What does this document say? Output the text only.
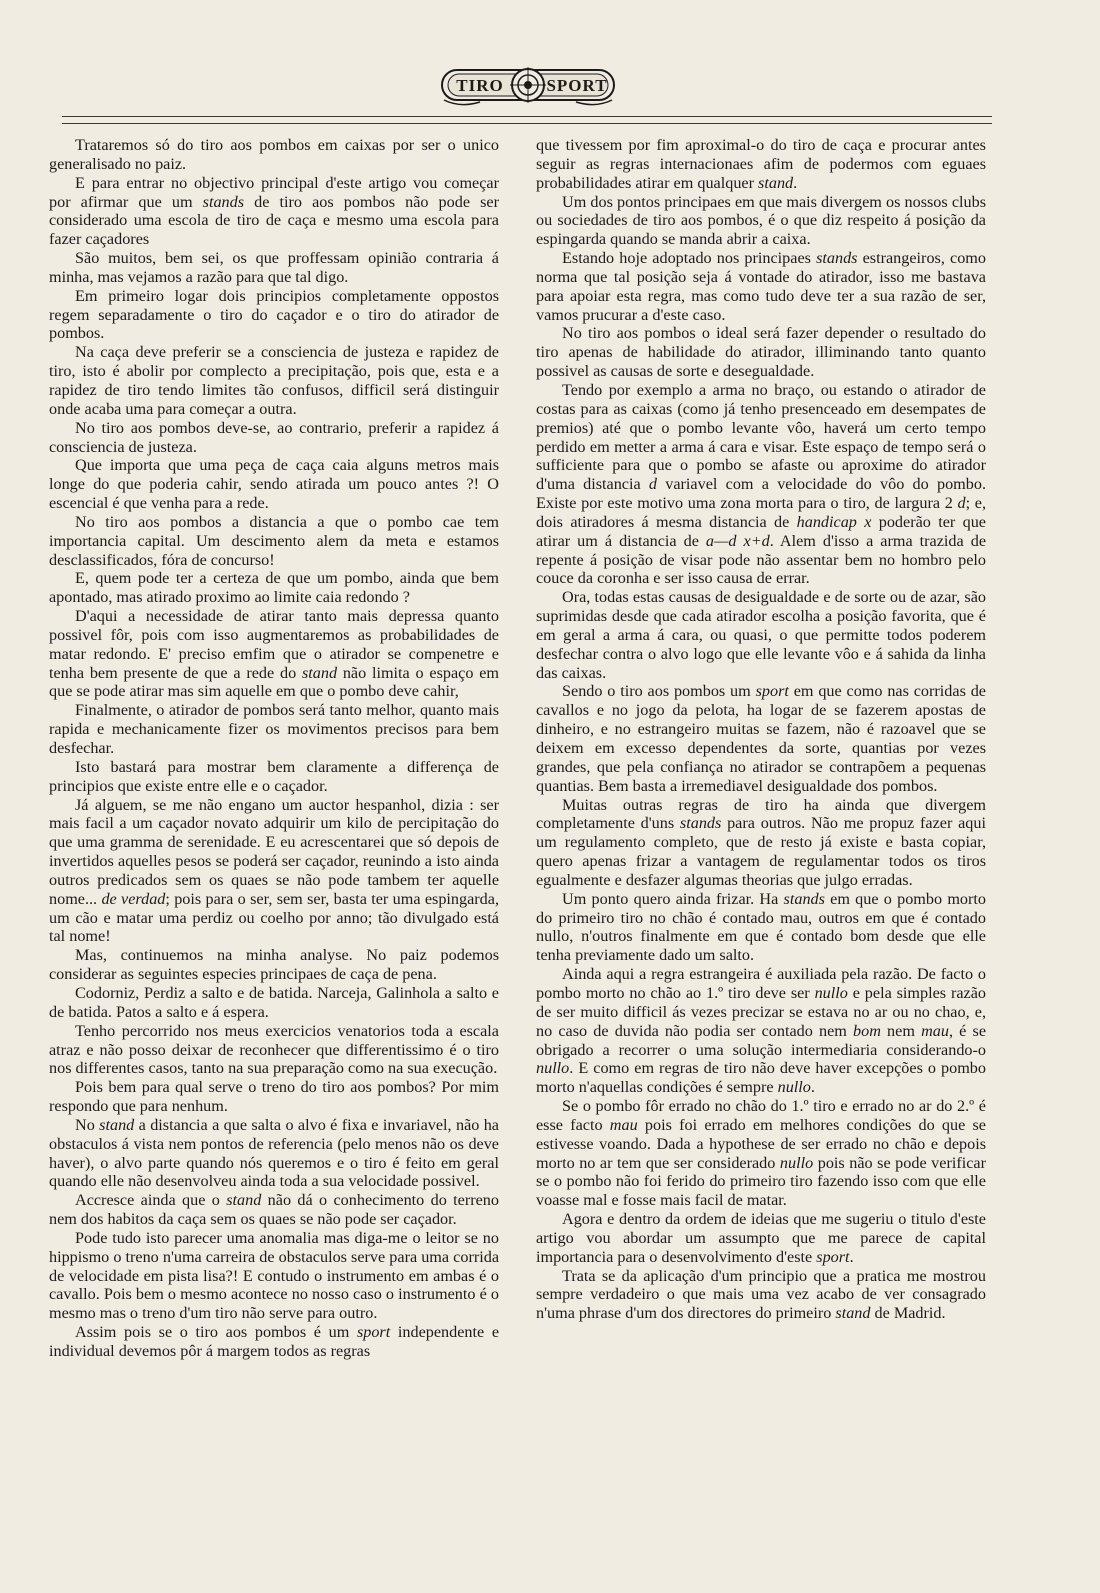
TIRO	SPORT

Trataremos só do tiro aos pombos em caixas por ser o unico generalisado no paiz.

E para entrar no objectivo principal d'este artigo vou começar por afirmar que um stands de tiro aos pombos não pode ser considerado uma escola de tiro de caça e mesmo uma escola para fazer caçadores

São muitos, bem sei, os que proffessam opinião contraria á minha, mas vejamos a razão para que tal digo.

Em primeiro logar dois principios completamente oppostos regem separadamente o tiro do caçador e o tiro do atirador de pombos.

Na caça deve preferir se a consciencia de justeza e rapidez de tiro, isto é abolir por complecto a precipitação, pois que, esta e a rapidez de tiro tendo limites tão confusos, difficil será distinguir onde acaba uma para começar a outra.

No tiro aos pombos deve-se, ao contrario, preferir a rapidez á consciencia de justeza.

Que importa que uma peça de caça caia alguns metros mais longe do que poderia cahir, sendo atirada um pouco antes ?! O escencial é que venha para a rede.

No tiro aos pombos a distancia a que o pombo cae tem importancia capital. Um descimento alem da meta e estamos desclassificados, fóra de concurso!

E, quem pode ter a certeza de que um pombo, ainda que bem apontado, mas atirado proximo ao limite caia redondo ?

D'aqui a necessidade de atirar tanto mais depressa quanto possivel fôr, pois com isso augmentaremos as probabilidades de matar redondo. E' preciso emfim que o atirador se compenetre e tenha bem presente de que a rede do stand não limita o espaço em que se pode atirar mas sim aquelle em que o pombo deve cahir,

Finalmente, o atirador de pombos será tanto melhor, quanto mais rapida e mechanicamente fizer os movimentos precisos para bem desfechar.

Isto bastará para mostrar bem claramente a differença de principios que existe entre elle e o caçador.

Já alguem, se me não engano um auctor hespanhol, dizia : ser mais facil a um caçador novato adquirir um kilo de percipitação do que uma gramma de serenidade. E eu acrescentarei que só depois de invertidos aquelles pesos se poderá ser caçador, reunindo a isto ainda outros predicados sem os quaes se não pode tambem ter aquelle nome... de verdad; pois para o ser, sem ser, basta ter uma espingarda, um cão e matar uma perdiz ou coelho por anno; tão divulgado está tal nome!

Mas, continuemos na minha analyse. No paiz podemos considerar as seguintes especies principaes de caça de pena.

Codorniz, Perdiz a salto e de batida. Narceja, Galinhola a salto e de batida. Patos a salto e á espera.

Tenho percorrido nos meus exercicios venatorios toda a escala atraz e não posso deixar de reconhecer que differentissimo é o tiro nos differentes casos, tanto na sua preparação como na sua execução.

Pois bem para qual serve o treno do tiro aos pombos? Por mim respondo que para nenhum.

No stand a distancia a que salta o alvo é fixa e invariavel, não ha obstaculos á vista nem pontos de referencia (pelo menos não os deve haver), o alvo parte quando nós queremos e o tiro é feito em geral quando elle não desenvolveu ainda toda a sua velocidade possivel.

Accresce ainda que o stand não dá o conhecimento do terreno nem dos habitos da caça sem os quaes se não pode ser caçador.

Pode tudo isto parecer uma anomalia mas diga-me o leitor se no hippismo o treno n'uma carreira de obstaculos serve para uma corrida de velocidade em pista lisa?! E contudo o instrumento em ambas é o cavallo. Pois bem o mesmo acontece no nosso caso o instrumento é o mesmo mas o treno d'um tiro não serve para outro.

Assim pois se o tiro aos pombos é um sport independente e individual devemos pôr á margem todos as regras

que tivessem por fim aproximal-o do tiro de caça e procurar antes seguir as regras internacionaes afim de podermos com eguaes probabilidades atirar em qualquer stand.

Um dos pontos principaes em que mais divergem os nossos clubs ou sociedades de tiro aos pombos, é o que diz respeito á posição da espingarda quando se manda abrir a caixa.

Estando hoje adoptado nos principaes stands estrangeiros, como norma que tal posição seja á vontade do atirador, isso me bastava para apoiar esta regra, mas como tudo deve ter a sua razão de ser, vamos prucurar a d'este caso.

No tiro aos pombos o ideal será fazer depender o resultado do tiro apenas de habilidade do atirador, illiminando tanto quanto possivel as causas de sorte e desegualdade.

Tendo por exemplo a arma no braço, ou estando o atirador de costas para as caixas (como já tenho presenceado em desempates de premios) até que o pombo levante vôo, haverá um certo tempo perdido em metter a arma á cara e visar. Este espaço de tempo será o sufficiente para que o pombo se afaste ou aproxime do atirador d'uma distancia d variavel com a velocidade do vôo do pombo. Existe por este motivo uma zona morta para o tiro, de largura 2 d; e, dois atiradores á mesma distancia de handicap x poderão ter que atirar um á distancia de a—d x+d. Alem d'isso a arma trazida de repente á posição de visar pode não assentar bem no hombro pelo couce da coronha e ser isso causa de errar.

Ora, todas estas causas de desigualdade e de sorte ou de azar, são suprimidas desde que cada atirador escolha a posição favorita, que é em geral a arma á cara, ou quasi, o que permitte todos poderem desfechar contra o alvo logo que elle levante vôo e á sahida da linha das caixas.

Sendo o tiro aos pombos um sport em que como nas corridas de cavallos e no jogo da pelota, ha logar de se fazerem apostas de dinheiro, e no estrangeiro muitas se fazem, não é razoavel que se deixem em excesso dependentes da sorte, quantias por vezes grandes, que pela confiança no atirador se contrapõem a pequenas quantias. Bem basta a irremediavel desigualdade dos pombos.

Muitas outras regras de tiro ha ainda que divergem completamente d'uns stands para outros. Não me propuz fazer aqui um regulamento completo, que de resto já existe e basta copiar, quero apenas frizar a vantagem de regulamentar todos os tiros egualmente e desfazer algumas theorias que julgo erradas.

Um ponto quero ainda frizar. Ha stands em que o pombo morto do primeiro tiro no chão é contado mau, outros em que é contado nullo, n'outros finalmente em que é contado bom desde que elle tenha previamente dado um salto.

Ainda aqui a regra estrangeira é auxiliada pela razão. De facto o pombo morto no chão ao 1.º tiro deve ser nullo e pela simples razão de ser muito difficil ás vezes precizar se estava no ar ou no chao, e, no caso de duvida não podia ser contado nem bom nem mau, é se obrigado a recorrer o uma solução intermediaria considerando-o nullo. E como em regras de tiro não deve haver excepções o pombo morto n'aquellas condições é sempre nullo.

Se o pombo fôr errado no chão do 1.º tiro e errado no ar do 2.º é esse facto mau pois foi errado em melhores condições do que se estivesse voando. Dada a hypothese de ser errado no chão e depois morto no ar tem que ser considerado nullo pois não se pode verificar se o pombo não foi ferido do primeiro tiro fazendo isso com que elle voasse mal e fosse mais facil de matar.

Agora e dentro da ordem de ideias que me sugeriu o titulo d'este artigo vou abordar um assumpto que me parece de capital importancia para o desenvolvimento d'este sport.

Trata se da aplicação d'um principio que a pratica me mostrou sempre verdadeiro o que mais uma vez acabo de ver consagrado n'uma phrase d'um dos directores do primeiro stand de Madrid.
